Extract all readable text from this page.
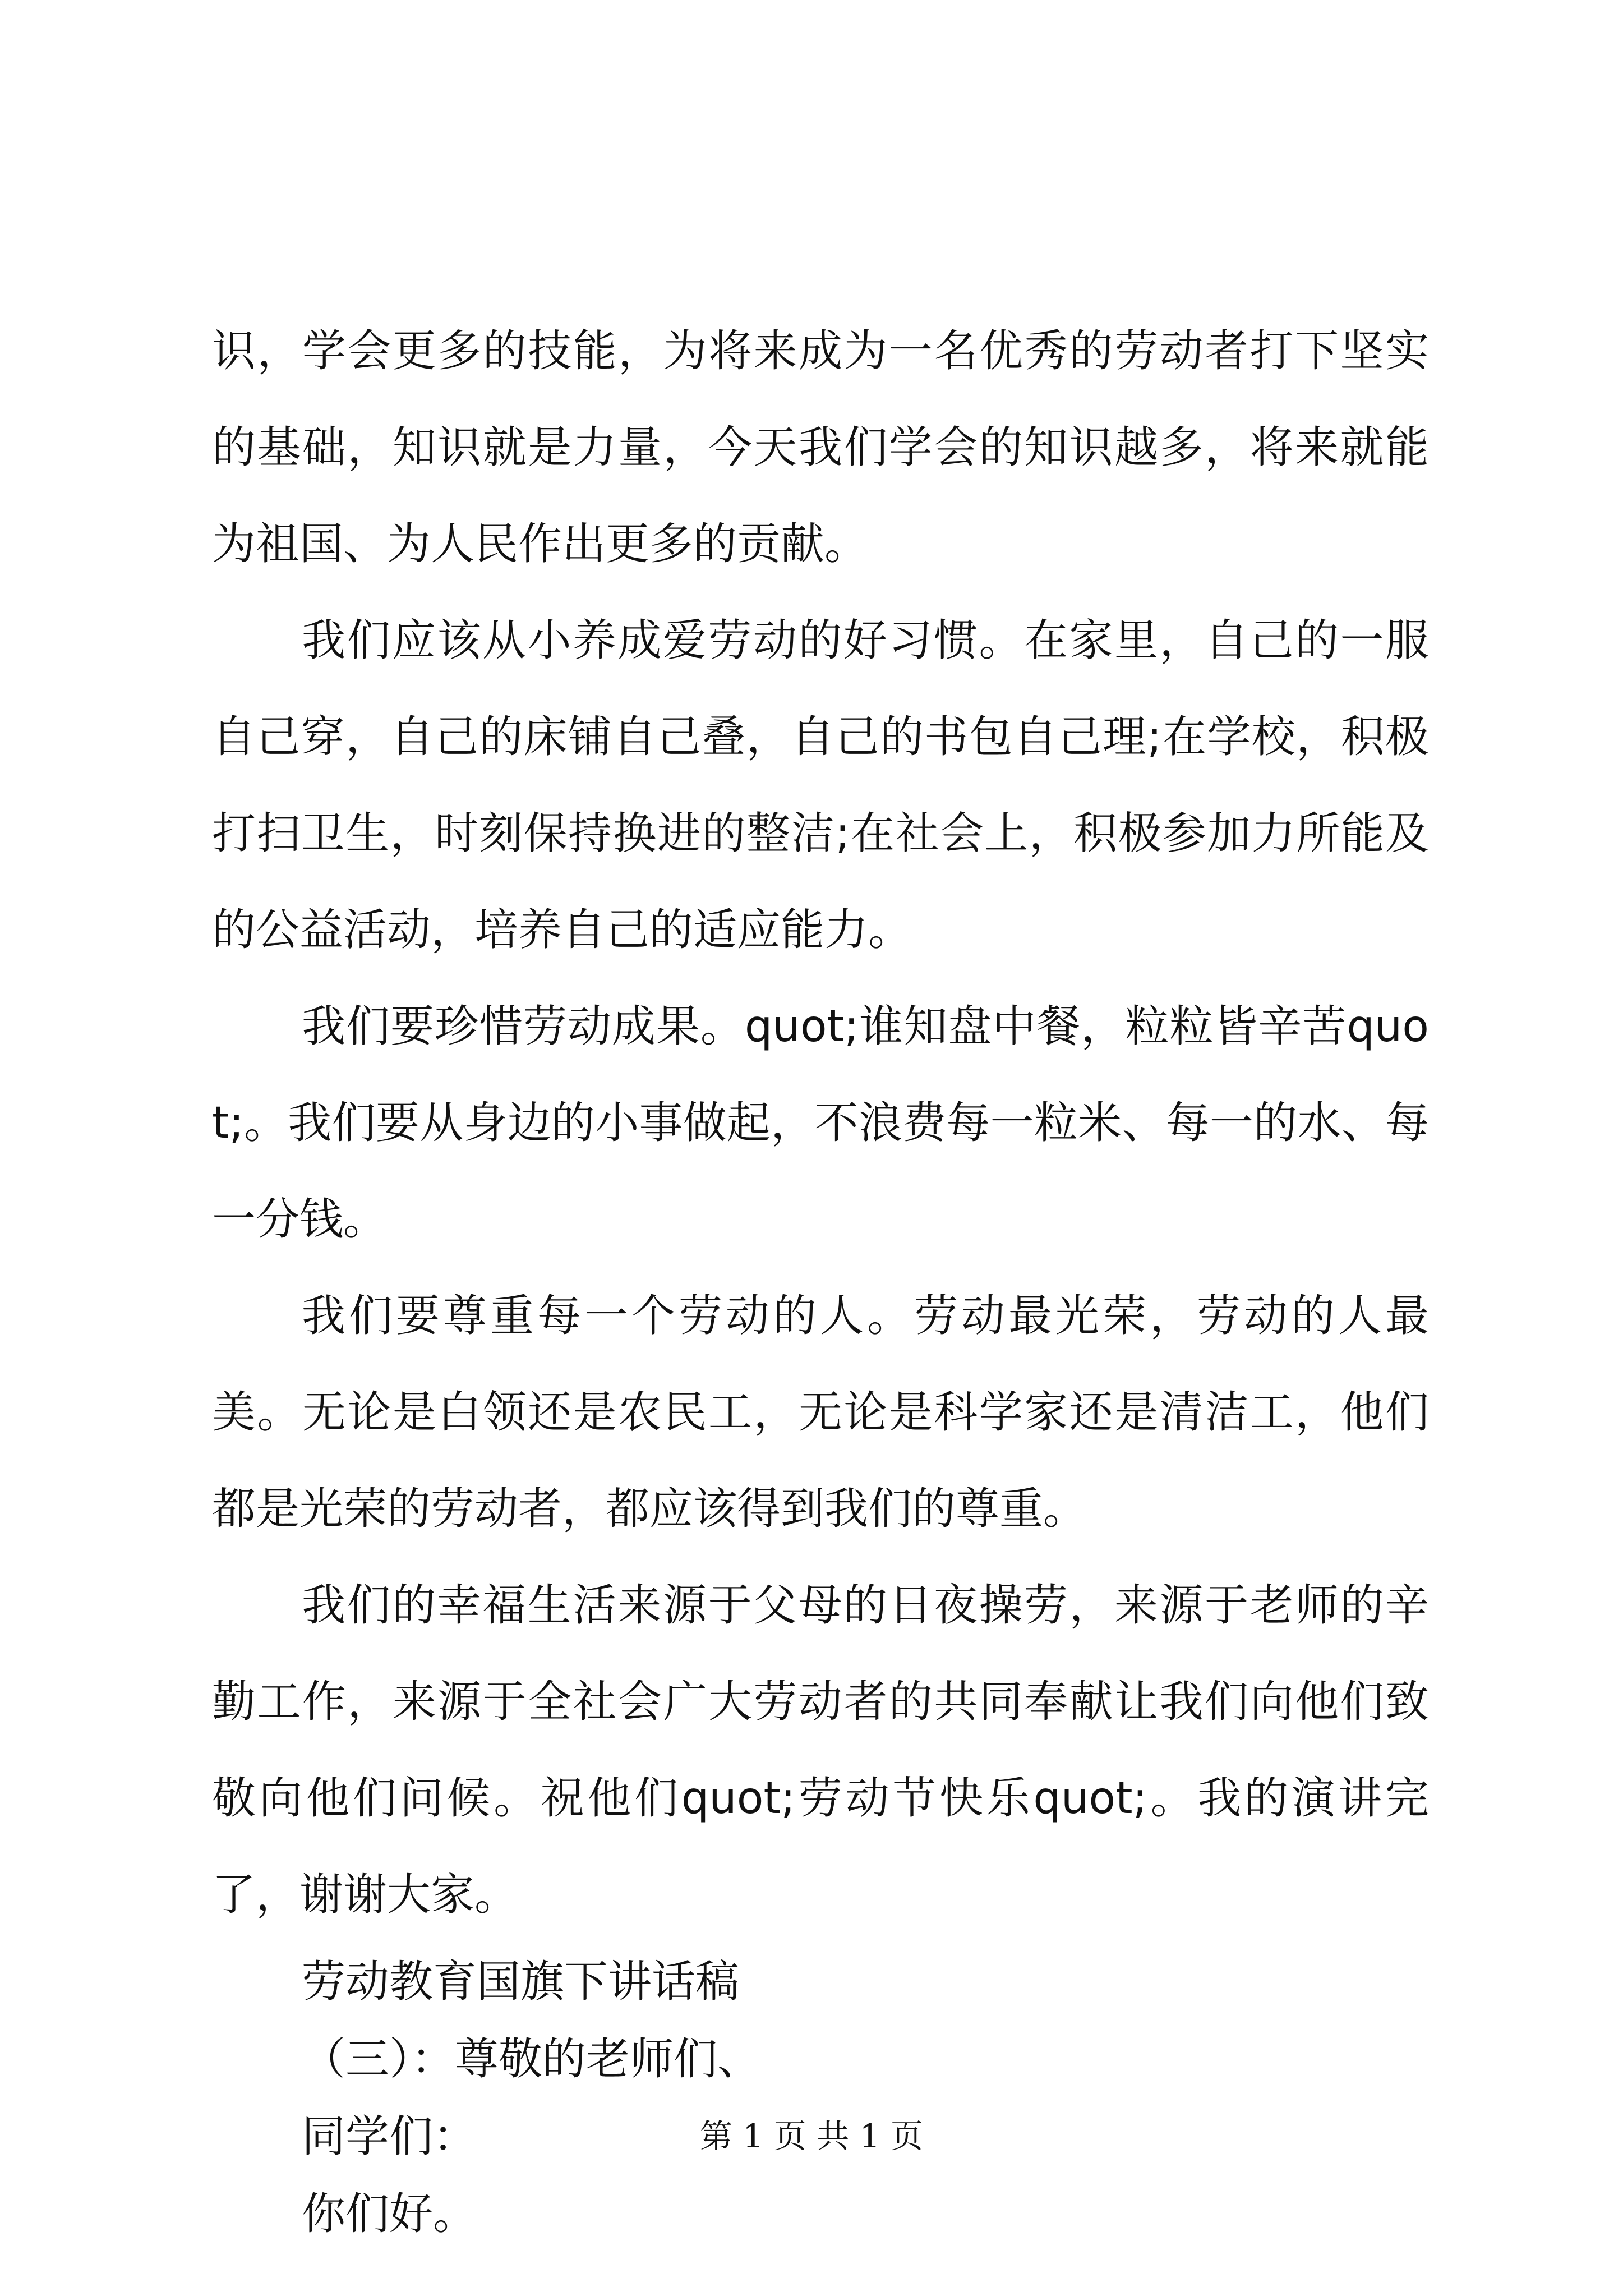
识，学会更多的技能，为将来成为一名优秀的劳动者打下坚实的基础，知识就是力量，今天我们学会的知识越多，将来就能为祖国、为人民作出更多的贡献。

我们应该从小养成爱劳动的好习惯。在家里，自己的一服自己穿，自己的床铺自己叠，自己的书包自己理;在学校，积极打扫卫生，时刻保持换进的整洁;在社会上，积极参加力所能及的公益活动，培养自己的适应能力。

我们要珍惜劳动成果。quot;谁知盘中餐，粒粒皆辛苦quot;。我们要从身边的小事做起，不浪费每一粒米、每一的水、每一分钱。

我们要尊重每一个劳动的人。劳动最光荣，劳动的人最美。无论是白领还是农民工，无论是科学家还是清洁工，他们都是光荣的劳动者，都应该得到我们的尊重。

我们的幸福生活来源于父母的日夜操劳，来源于老师的辛勤工作，来源于全社会广大劳动者的共同奉献让我们向他们致敬向他们问候。祝他们quot;劳动节快乐quot;。我的演讲完了，谢谢大家。

劳动教育国旗下讲话稿

（三）：尊敬的老师们、

同学们：

你们好。

第 1 页 共 1 页
